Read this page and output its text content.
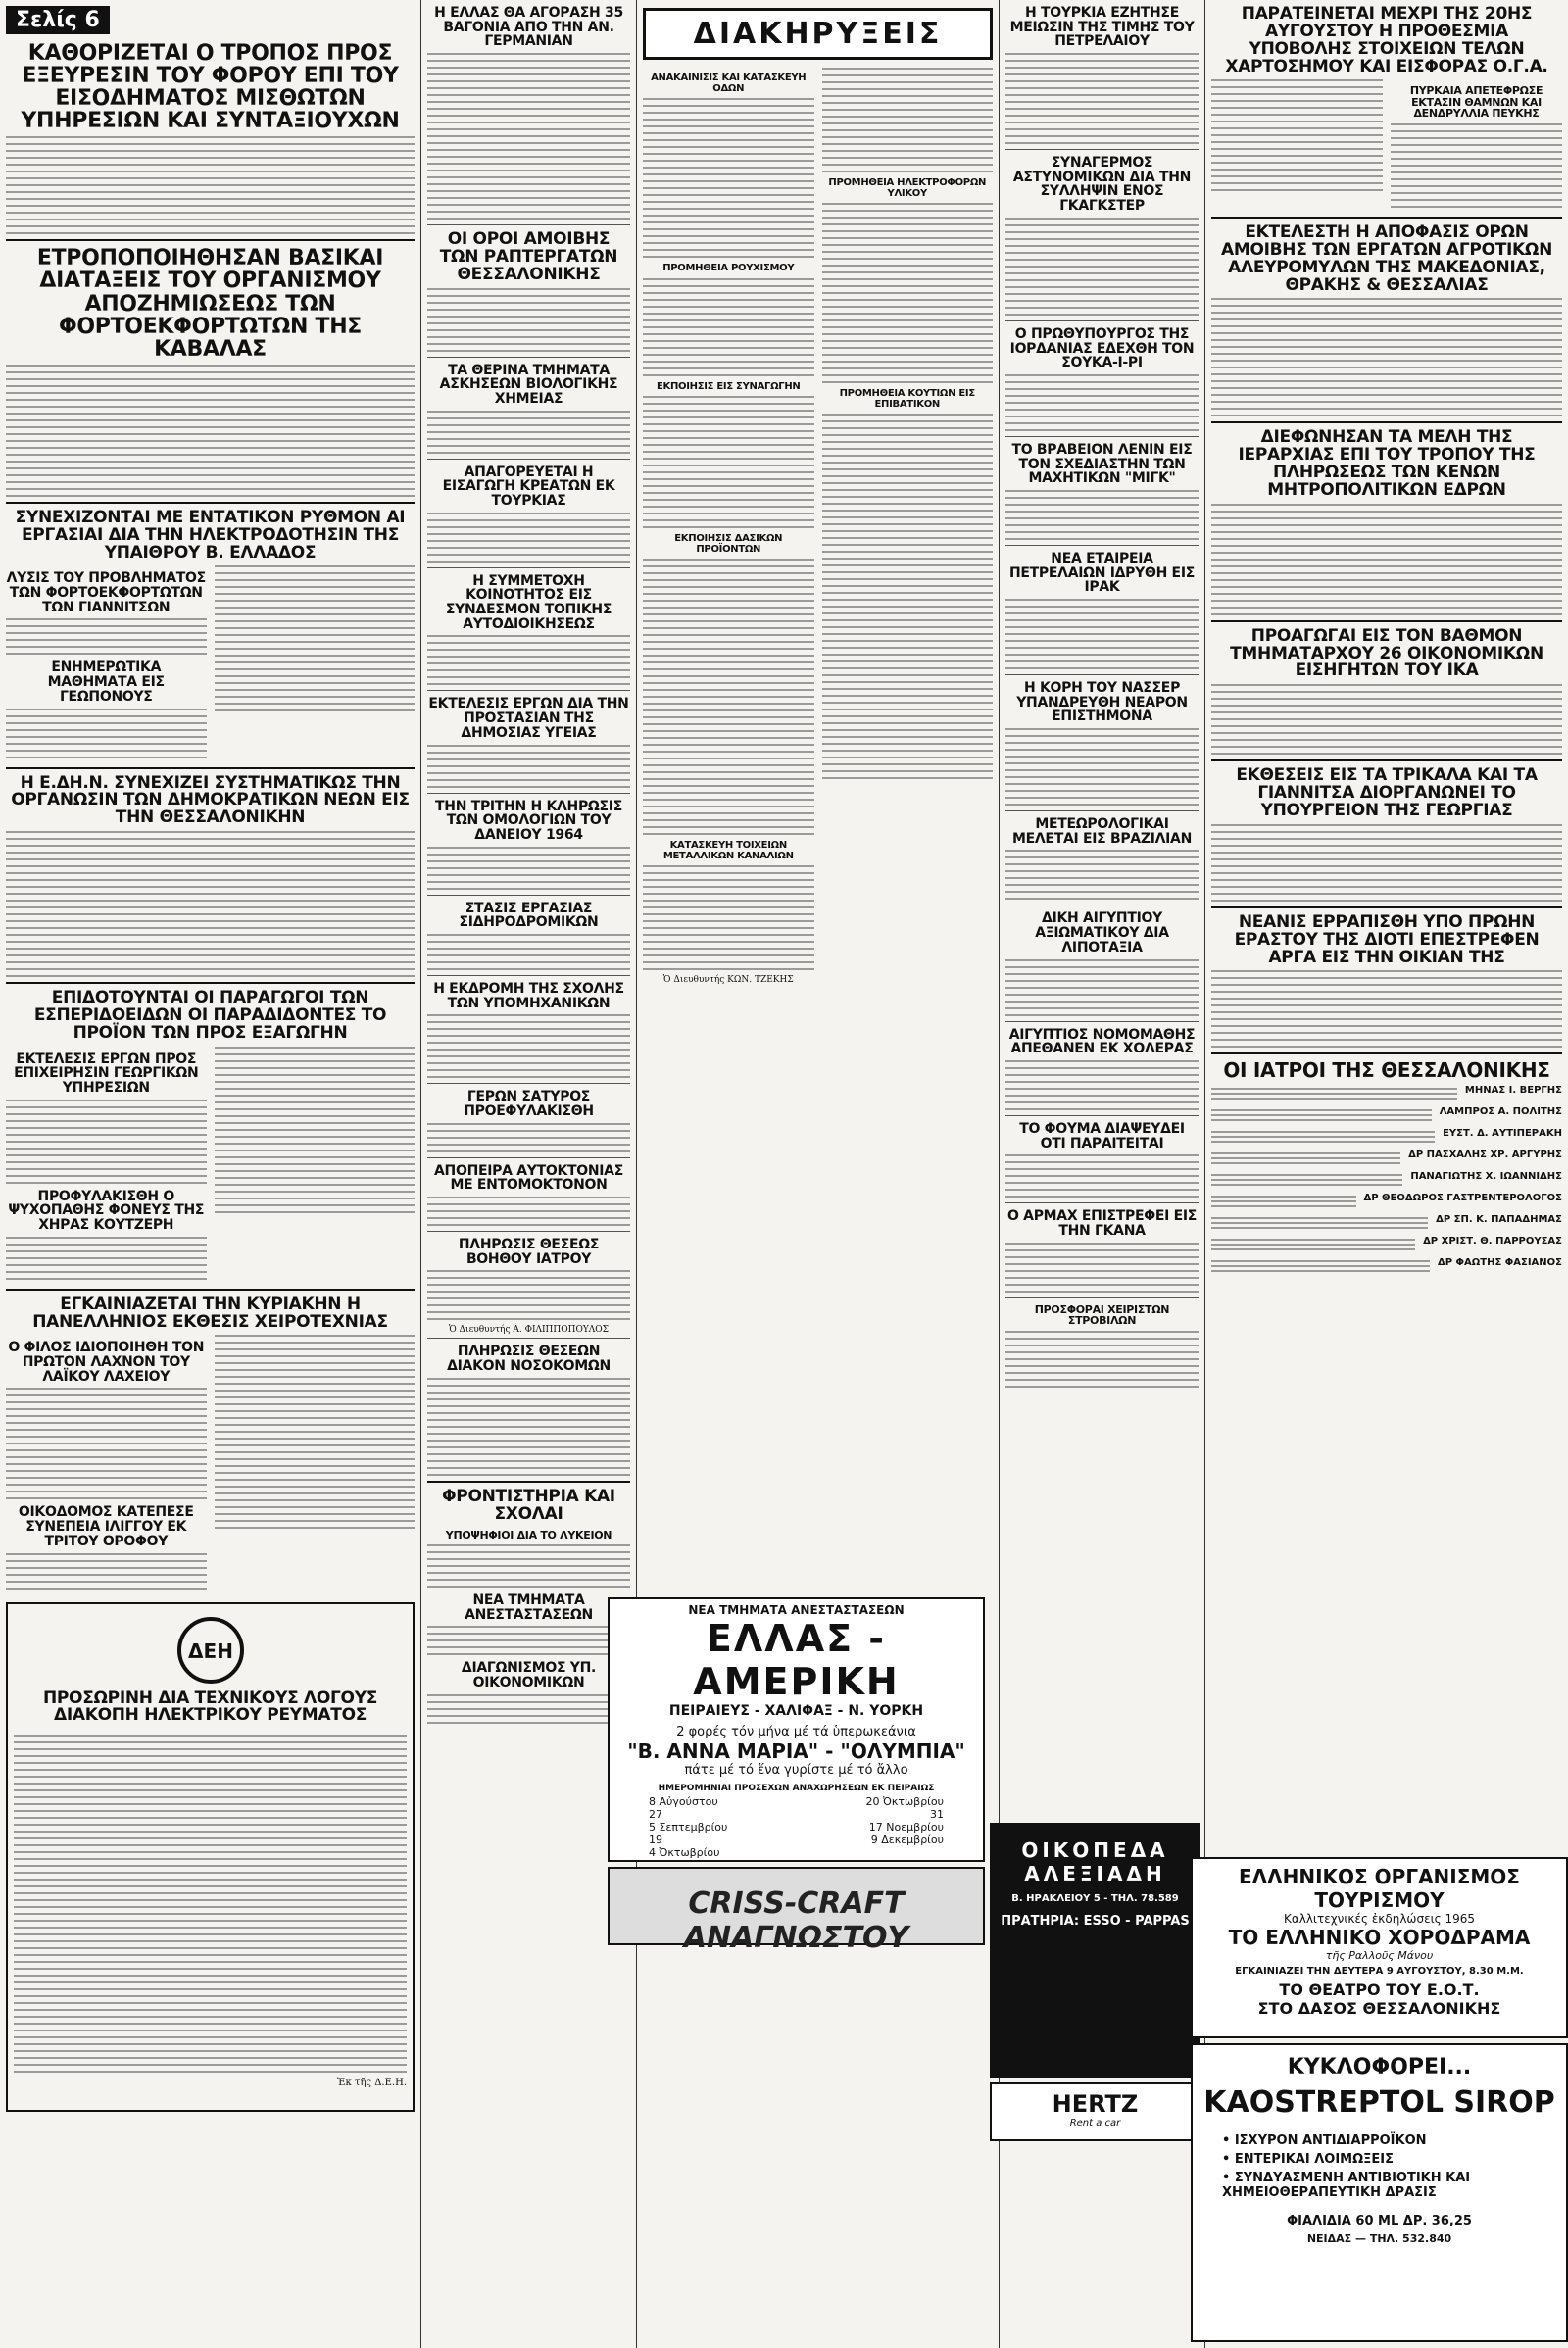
Σελίς 6
ΚΑΘΟΡΙΖΕΤΑΙ Ο ΤΡΟΠΟΣ ΠΡΟΣ ΕΞΕΥΡΕΣΙΝ ΤΟΥ ΦΟΡΟΥ ΕΠΙ ΤΟΥ ΕΙΣΟΔΗΜΑΤΟΣ ΜΙΣΘΩΤΩΝ ΥΠΗΡΕΣΙΩΝ ΚΑΙ ΣΥΝΤΑΞΙΟΥΧΩΝ
ΕΤΡΟΠΟΠΟΙΗΘΗΣΑΝ ΒΑΣΙΚΑΙ ΔΙΑΤΑΞΕΙΣ ΤΟΥ ΟΡΓΑΝΙΣΜΟΥ ΑΠΟΖΗΜΙΩΣΕΩΣ ΤΩΝ ΦΟΡΤΟΕΚΦΟΡΤΩΤΩΝ ΤΗΣ ΚΑΒΑΛΑΣ
ΣΥΝΕΧΙΖΟΝΤΑΙ ΜΕ ΕΝΤΑΤΙΚΟΝ ΡΥΘΜΟΝ ΑΙ ΕΡΓΑΣΙΑΙ ΔΙΑ ΤΗΝ ΗΛΕΚΤΡΟΔΟΤΗΣΙΝ ΤΗΣ ΥΠΑΙΘΡΟΥ Β. ΕΛΛΑΔΟΣ
ΛΥΣΙΣ ΤΟΥ ΠΡΟΒΛΗΜΑΤΟΣ ΤΩΝ ΦΟΡΤΟΕΚΦΟΡΤΩΤΩΝ ΤΩΝ ΓΙΑΝΝΙΤΣΩΝ
ΕΝΗΜΕΡΩΤΙΚΑ ΜΑΘΗΜΑΤΑ ΕΙΣ ΓΕΩΠΟΝΟΥΣ
Η Ε.ΔΗ.Ν. ΣΥΝΕΧΙΖΕΙ ΣΥΣΤΗΜΑΤΙΚΩΣ ΤΗΝ ΟΡΓΑΝΩΣΙΝ ΤΩΝ ΔΗΜΟΚΡΑΤΙΚΩΝ ΝΕΩΝ ΕΙΣ ΤΗΝ ΘΕΣΣΑΛΟΝΙΚΗΝ
ΕΠΙΔΟΤΟΥΝΤΑΙ ΟΙ ΠΑΡΑΓΩΓΟΙ ΤΩΝ ΕΣΠΕΡΙΔΟΕΙΔΩΝ ΟΙ ΠΑΡΑΔΙΔΟΝΤΕΣ ΤΟ ΠΡΟΪΟΝ ΤΩΝ ΠΡΟΣ ΕΞΑΓΩΓΗΝ
ΕΚΤΕΛΕΣΙΣ ΕΡΓΩΝ ΠΡΟΣ ΕΠΙΧΕΙΡΗΣΙΝ ΓΕΩΡΓΙΚΩΝ ΥΠΗΡΕΣΙΩΝ
ΠΡΟΦΥΛΑΚΙΣΘΗ Ο ΨΥΧΟΠΑΘΗΣ ΦΟΝΕΥΣ ΤΗΣ ΧΗΡΑΣ ΚΟΥΤΖΕΡΗ
ΕΓΚΑΙΝΙΑΖΕΤΑΙ ΤΗΝ ΚΥΡΙΑΚΗΝ Η ΠΑΝΕΛΛΗΝΙΟΣ ΕΚΘΕΣΙΣ ΧΕΙΡΟΤΕΧΝΙΑΣ
Ο ΦΙΛΟΣ ΙΔΙΟΠΟΙΗΘΗ ΤΟΝ ΠΡΩΤΟΝ ΛΑΧΝΟΝ ΤΟΥ ΛΑΪΚΟΥ ΛΑΧΕΙΟΥ
ΟΙΚΟΔΟΜΟΣ ΚΑΤΕΠΕΣΕ ΣΥΝΕΠΕΙΑ ΙΛΙΓΓΟΥ ΕΚ ΤΡΙΤΟΥ ΟΡΟΦΟΥ
ΔΕΗ
ΠΡΟΣΩΡΙΝΗ ΔΙΑ ΤΕΧΝΙΚΟΥΣ ΛΟΓΟΥΣ ΔΙΑΚΟΠΗ ΗΛΕΚΤΡΙΚΟΥ ΡΕΥΜΑΤΟΣ
Ἐκ τῆς Δ.Ε.Η.
Η ΕΛΛΑΣ ΘΑ ΑΓΟΡΑΣΗ 35 ΒΑΓΟΝΙΑ ΑΠΟ ΤΗΝ ΑΝ. ΓΕΡΜΑΝΙΑΝ
ΟΙ ΟΡΟΙ ΑΜΟΙΒΗΣ ΤΩΝ ΡΑΠΤΕΡΓΑΤΩΝ ΘΕΣΣΑΛΟΝΙΚΗΣ
ΤΑ ΘΕΡΙΝΑ ΤΜΗΜΑΤΑ ΑΣΚΗΣΕΩΝ ΒΙΟΛΟΓΙΚΗΣ ΧΗΜΕΙΑΣ
ΑΠΑΓΟΡΕΥΕΤΑΙ Η ΕΙΣΑΓΩΓΗ ΚΡΕΑΤΩΝ ΕΚ ΤΟΥΡΚΙΑΣ
Η ΣΥΜΜΕΤΟΧΗ ΚΟΙΝΟΤΗΤΟΣ ΕΙΣ ΣΥΝΔΕΣΜΟΝ ΤΟΠΙΚΗΣ ΑΥΤΟΔΙΟΙΚΗΣΕΩΣ
ΕΚΤΕΛΕΣΙΣ ΕΡΓΩΝ ΔΙΑ ΤΗΝ ΠΡΟΣΤΑΣΙΑΝ ΤΗΣ ΔΗΜΟΣΙΑΣ ΥΓΕΙΑΣ
ΤΗΝ ΤΡΙΤΗΝ Η ΚΛΗΡΩΣΙΣ ΤΩΝ ΟΜΟΛΟΓΙΩΝ ΤΟΥ ΔΑΝΕΙΟΥ 1964
ΣΤΑΣΙΣ ΕΡΓΑΣΙΑΣ ΣΙΔΗΡΟΔΡΟΜΙΚΩΝ
Η ΕΚΔΡΟΜΗ ΤΗΣ ΣΧΟΛΗΣ ΤΩΝ ΥΠΟΜΗΧΑΝΙΚΩΝ
ΓΕΡΩΝ ΣΑΤΥΡΟΣ ΠΡΟΕΦΥΛΑΚΙΣΘΗ
ΑΠΟΠΕΙΡΑ ΑΥΤΟΚΤΟΝΙΑΣ ΜΕ ΕΝΤΟΜΟΚΤΟΝΟΝ
ΠΛΗΡΩΣΙΣ ΘΕΣΕΩΣ ΒΟΗΘΟΥ ΙΑΤΡΟΥ
Ὁ Διευθυντής Α. ΦΙΛΙΠΠΟΠΟΥΛΟΣ
ΠΛΗΡΩΣΙΣ ΘΕΣΕΩΝ ΔΙΑΚΟΝ ΝΟΣΟΚΟΜΩΝ
ΦΡΟΝΤΙΣΤΗΡΙΑ ΚΑΙ ΣΧΟΛΑΙ
ΥΠΟΨΗΦΙΟΙ ΔΙΑ ΤΟ ΛΥΚΕΙΟΝ
ΝΕΑ ΤΜΗΜΑΤΑ ΑΝΕΣΤΑΣΤΑΣΕΩΝ
ΔΙΑΓΩΝΙΣΜΟΣ ΥΠ. ΟΙΚΟΝΟΜΙΚΩΝ
ΔΙΑΚΗΡΥΞΕΙΣ
ΑΝΑΚΑΙΝΙΣΙΣ ΚΑΙ ΚΑΤΑΣΚΕΥΗ ΟΔΩΝ
ΠΡΟΜΗΘΕΙΑ ΡΟΥΧΙΣΜΟΥ
ΕΚΠΟΙΗΣΙΣ ΕΙΣ ΣΥΝΑΓΩΓΗΝ
ΕΚΠΟΙΗΣΙΣ ΔΑΣΙΚΩΝ ΠΡΟΪΟΝΤΩΝ
ΚΑΤΑΣΚΕΥΗ ΤΟΙΧΕΙΩΝ ΜΕΤΑΛΛΙΚΩΝ ΚΑΝΑΛΙΩΝ
Ὁ Διευθυντής ΚΩΝ. ΤΖΕΚΗΣ
ΠΡΟΜΗΘΕΙΑ ΗΛΕΚΤΡΟΦΟΡΩΝ ΥΛΙΚΟΥ
ΠΡΟΜΗΘΕΙΑ ΚΟΥΤΙΩΝ ΕΙΣ ΕΠΙΒΑΤΙΚΟΝ
ΝΕΑ ΤΜΗΜΑΤΑ ΑΝΕΣΤΑΣΤΑΣΕΩΝ
ΕΛΛΑΣ - ΑΜΕΡΙΚΗ
ΠΕΙΡΑΙΕΥΣ - ΧΑΛΙΦΑΞ - Ν. ΥΟΡΚΗ
2 φορές τόν μήνα μέ τά ὑπερωκεάνια
"Β. ΑΝΝΑ ΜΑΡΙΑ" - "ΟΛΥΜΠΙΑ"
πάτε μέ τό ἕνα γυρίστε μέ τό ἄλλο
ΗΜΕΡΟΜΗΝΙΑΙ ΠΡΟΣΕΧΩΝ ΑΝΑΧΩΡΗΣΕΩΝ ΕΚ ΠΕΙΡΑΙΩΣ
8 Αὐγούστου	20 Ὀκτωβρίου
27	31
5 Σεπτεμβρίου	17 Νοεμβρίου
19	9 Δεκεμβρίου
4 Ὀκτωβρίου
CRISS-CRAFT ΑΝΑΓΝΩΣΤΟΥ
Η ΤΟΥΡΚΙΑ ΕΖΗΤΗΣΕ ΜΕΙΩΣΙΝ ΤΗΣ ΤΙΜΗΣ ΤΟΥ ΠΕΤΡΕΛΑΙΟΥ
ΣΥΝΑΓΕΡΜΟΣ ΑΣΤΥΝΟΜΙΚΩΝ ΔΙΑ ΤΗΝ ΣΥΛΛΗΨΙΝ ΕΝΟΣ ΓΚΑΓΚΣΤΕΡ
Ο ΠΡΩΘΥΠΟΥΡΓΟΣ ΤΗΣ ΙΟΡΔΑΝΙΑΣ ΕΔΕΧΘΗ ΤΟΝ ΣΟΥΚΑ-Ι-ΡΙ
ΤΟ ΒΡΑΒΕΙΟΝ ΛΕΝΙΝ ΕΙΣ ΤΟΝ ΣΧΕΔΙΑΣΤΗΝ ΤΩΝ ΜΑΧΗΤΙΚΩΝ "ΜΙΓΚ"
ΝΕΑ ΕΤΑΙΡΕΙΑ ΠΕΤΡΕΛΑΙΩΝ ΙΔΡΥΘΗ ΕΙΣ ΙΡΑΚ
Η ΚΟΡΗ ΤΟΥ ΝΑΣΣΕΡ ΥΠΑΝΔΡΕΥΘΗ ΝΕΑΡΟΝ ΕΠΙΣΤΗΜΟΝΑ
ΜΕΤΕΩΡΟΛΟΓΙΚΑΙ ΜΕΛΕΤΑΙ ΕΙΣ ΒΡΑΖΙΛΙΑΝ
ΔΙΚΗ ΑΙΓΥΠΤΙΟΥ ΑΞΙΩΜΑΤΙΚΟΥ ΔΙΑ ΛΙΠΟΤΑΞΙΑ
ΑΙΓΥΠΤΙΟΣ ΝΟΜΟΜΑΘΗΣ ΑΠΕΘΑΝΕΝ ΕΚ ΧΟΛΕΡΑΣ
ΤΟ ΦΟΥΜΑ ΔΙΑΨΕΥΔΕΙ ΟΤΙ ΠΑΡΑΙΤΕΙΤΑΙ
Ο ΑΡΜΑΧ ΕΠΙΣΤΡΕΦΕΙ ΕΙΣ ΤΗΝ ΓΚΑΝΑ
ΠΡΟΣΦΟΡΑΙ ΧΕΙΡΙΣΤΩΝ ΣΤΡΟΒΙΛΩΝ
ΟΙΚΟΠΕΔΑ ΑΛΕΞΙΑΔΗ
Β. ΗΡΑΚΛΕΙΟΥ 5 - ΤΗΛ. 78.589
ΠΡΑΤΗΡΙΑ: ESSO - PAPPAS
HERTZ
Rent a car
ΠΑΡΑΤΕΙΝΕΤΑΙ ΜΕΧΡΙ ΤΗΣ 20ΗΣ ΑΥΓΟΥΣΤΟΥ Η ΠΡΟΘΕΣΜΙΑ ΥΠΟΒΟΛΗΣ ΣΤΟΙΧΕΙΩΝ ΤΕΛΩΝ ΧΑΡΤΟΣΗΜΟΥ ΚΑΙ ΕΙΣΦΟΡΑΣ Ο.Γ.Α.
ΠΥΡΚΑΙΑ ΑΠΕΤΕΦΡΩΣΕ ΕΚΤΑΣΙΝ ΘΑΜΝΩΝ ΚΑΙ ΔΕΝΔΡΥΛΛΙΑ ΠΕΥΚΗΣ
ΕΚΤΕΛΕΣΤΗ Η ΑΠΟΦΑΣΙΣ ΟΡΩΝ ΑΜΟΙΒΗΣ ΤΩΝ ΕΡΓΑΤΩΝ ΑΓΡΟΤΙΚΩΝ ΑΛΕΥΡΟΜΥΛΩΝ ΤΗΣ ΜΑΚΕΔΟΝΙΑΣ, ΘΡΑΚΗΣ & ΘΕΣΣΑΛΙΑΣ
ΔΙΕΦΩΝΗΣΑΝ ΤΑ ΜΕΛΗ ΤΗΣ ΙΕΡΑΡΧΙΑΣ ΕΠΙ ΤΟΥ ΤΡΟΠΟΥ ΤΗΣ ΠΛΗΡΩΣΕΩΣ ΤΩΝ ΚΕΝΩΝ ΜΗΤΡΟΠΟΛΙΤΙΚΩΝ ΕΔΡΩΝ
ΠΡΟΑΓΩΓΑΙ ΕΙΣ ΤΟΝ ΒΑΘΜΟΝ ΤΜΗΜΑΤΑΡΧΟΥ 26 ΟΙΚΟΝΟΜΙΚΩΝ ΕΙΣΗΓΗΤΩΝ ΤΟΥ ΙΚΑ
ΕΚΘΕΣΕΙΣ ΕΙΣ ΤΑ ΤΡΙΚΑΛΑ ΚΑΙ ΤΑ ΓΙΑΝΝΙΤΣΑ ΔΙΟΡΓΑΝΩΝΕΙ ΤΟ ΥΠΟΥΡΓΕΙΟΝ ΤΗΣ ΓΕΩΡΓΙΑΣ
ΝΕΑΝΙΣ ΕΡΡΑΠΙΣΘΗ ΥΠΟ ΠΡΩΗΝ ΕΡΑΣΤΟΥ ΤΗΣ ΔΙΟΤΙ ΕΠΕΣΤΡΕΦΕΝ ΑΡΓΑ ΕΙΣ ΤΗΝ ΟΙΚΙΑΝ ΤΗΣ
ΟΙ ΙΑΤΡΟΙ ΤΗΣ ΘΕΣΣΑΛΟΝΙΚΗΣ
ΜΗΝΑΣ Ι. ΒΕΡΓΗΣ
ΛΑΜΠΡΟΣ Α. ΠΟΛΙΤΗΣ
ΕΥΣΤ. Δ. ΑΥΤΙΠΕΡΑΚΗ
ΔΡ ΠΑΣΧΑΛΗΣ ΧΡ. ΑΡΓΥΡΗΣ
ΠΑΝΑΓΙΩΤΗΣ Χ. ΙΩΑΝΝΙΔΗΣ
ΔΡ ΘΕΟΔΩΡΟΣ ΓΑΣΤΡΕΝΤΕΡΟΛΟΓΟΣ
ΔΡ ΣΠ. Κ. ΠΑΠΑΔΗΜΑΣ
ΔΡ ΧΡΙΣΤ. Θ. ΠΑΡΡΟΥΣΑΣ
ΔΡ ΦΑΩΤΗΣ ΦΑΣΙΑΝΟΣ
ΕΛΛΗΝΙΚΟΣ ΟΡΓΑΝΙΣΜΟΣ ΤΟΥΡΙΣΜΟΥ
Καλλιτεχνικές ἐκδηλώσεις 1965
ΤΟ ΕΛΛΗΝΙΚΟ ΧΟΡΟΔΡΑΜΑ
τῆς Ραλλοῦς Μάνου
ΕΓΚΑΙΝΙΑΖΕΙ ΤΗΝ ΔΕΥΤΕΡΑ 9 ΑΥΓΟΥΣΤΟΥ, 8.30 Μ.Μ.
ΤΟ ΘΕΑΤΡΟ ΤΟΥ Ε.Ο.Τ.
ΣΤΟ ΔΑΣΟΣ ΘΕΣΣΑΛΟΝΙΚΗΣ
ΚΥΚΛΟΦΟΡΕΙ...
KAOSTREPTOL SIROP
• ΙΣΧΥΡΟΝ ΑΝΤΙΔΙΑΡΡΟΪΚΟΝ
• ΕΝΤΕΡΙΚΑΙ ΛΟΙΜΩΞΕΙΣ
• ΣΥΝΔΥΑΣΜΕΝΗ ΑΝΤΙΒΙΟΤΙΚΗ ΚΑΙ ΧΗΜΕΙΟΘΕΡΑΠΕΥΤΙΚΗ ΔΡΑΣΙΣ
ΦΙΑΛΙΔΙΑ 60 ML ΔΡ. 36,25
ΝΕΙΔΑΣ — ΤΗΛ. 532.840
